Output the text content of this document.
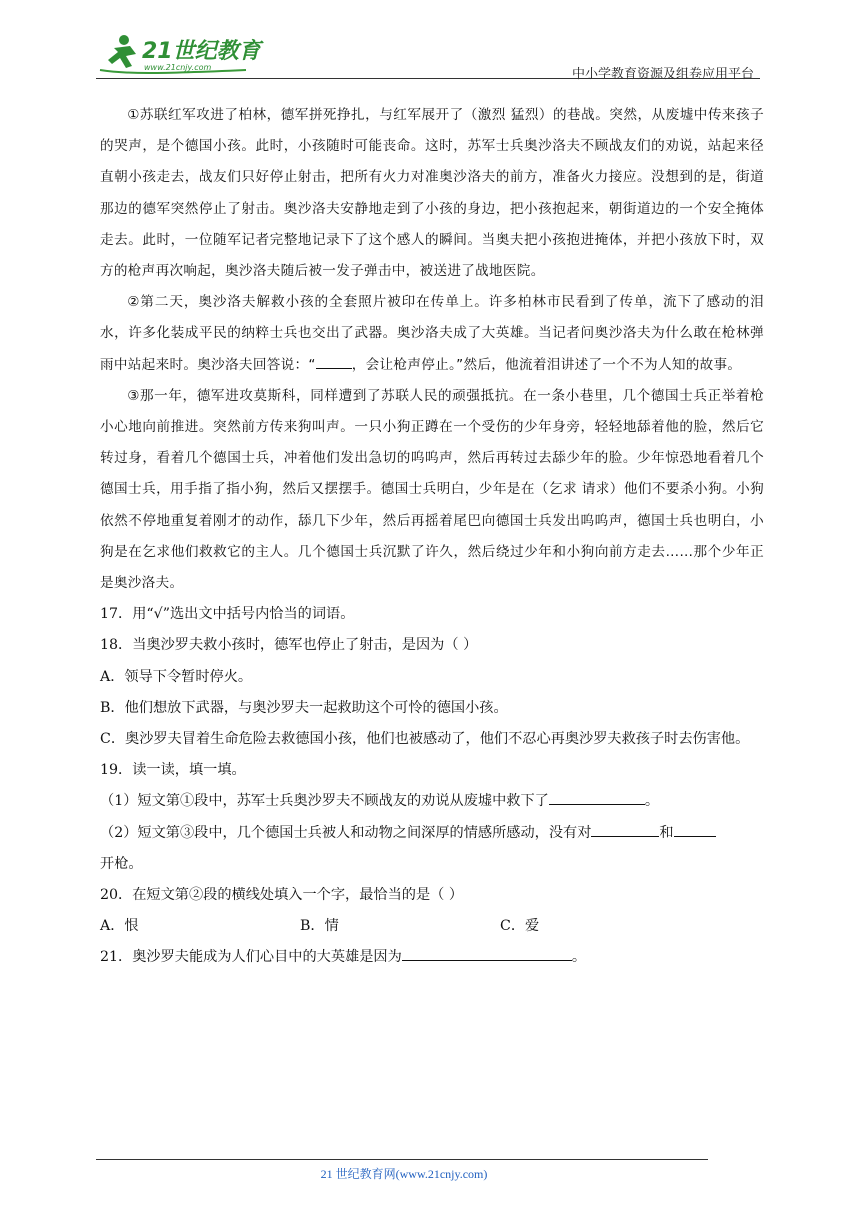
21世纪教育
www.21cnjy.com	中小学教育资源及组卷应用平台

①苏联红军攻进了柏林，德军拼死挣扎，与红军展开了（激烈 猛烈）的巷战。突然，从废墟中传来孩子的哭声，是个德国小孩。此时，小孩随时可能丧命。这时，苏军士兵奥沙洛夫不顾战友们的劝说，站起来径直朝小孩走去，战友们只好停止射击，把所有火力对准奥沙洛夫的前方，准备火力接应。没想到的是，街道那边的德军突然停止了射击。奥沙洛夫安静地走到了小孩的身边，把小孩抱起来，朝街道边的一个安全掩体走去。此时，一位随军记者完整地记录下了这个感人的瞬间。当奥夫把小孩抱进掩体，并把小孩放下时，双方的枪声再次响起，奥沙洛夫随后被一发子弹击中，被送进了战地医院。

②第二天，奥沙洛夫解救小孩的全套照片被印在传单上。许多柏林市民看到了传单，流下了感动的泪水，许多化装成平民的纳粹士兵也交出了武器。奥沙洛夫成了大英雄。当记者问奥沙洛夫为什么敢在枪林弹雨中站起来时。奥沙洛夫回答说：“	，会让枪声停止。”然后，他流着泪讲述了一个不为人知的故事。

③那一年，德军进攻莫斯科，同样遭到了苏联人民的顽强抵抗。在一条小巷里，几个德国士兵正举着枪小心地向前推进。突然前方传来狗叫声。一只小狗正蹲在一个受伤的少年身旁，轻轻地舔着他的脸，然后它转过身，看着几个德国士兵，冲着他们发出急切的呜呜声，然后再转过去舔少年的脸。少年惊恐地看着几个德国士兵，用手指了指小狗，然后又摆摆手。德国士兵明白，少年是在（乞求 请求）他们不要杀小狗。小狗依然不停地重复着刚才的动作，舔几下少年，然后再摇着尾巴向德国士兵发出呜呜声，德国士兵也明白，小狗是在乞求他们救救它的主人。几个德国士兵沉默了许久，然后绕过少年和小狗向前方走去……那个少年正是奥沙洛夫。

17．用“√”选出文中括号内恰当的词语。

18．当奥沙罗夫救小孩时，德军也停止了射击，是因为（ ）

A．领导下令暂时停火。

B．他们想放下武器，与奥沙罗夫一起救助这个可怜的德国小孩。

C．奥沙罗夫冒着生命危险去救德国小孩，他们也被感动了，他们不忍心再奥沙罗夫救孩子时去伤害他。

19．读一读，填一填。

（1）短文第①段中，苏军士兵奥沙罗夫不顾战友的劝说从废墟中救下了	。

（2）短文第③段中，几个德国士兵被人和动物之间深厚的情感所感动，没有对	和

开枪。

20．在短文第②段的横线处填入一个字，最恰当的是（ ）

A．恨	B．情	C．爱

21．奥沙罗夫能成为人们心目中的大英雄是因为	。

21 世纪教育网(www.21cnjy.com)
